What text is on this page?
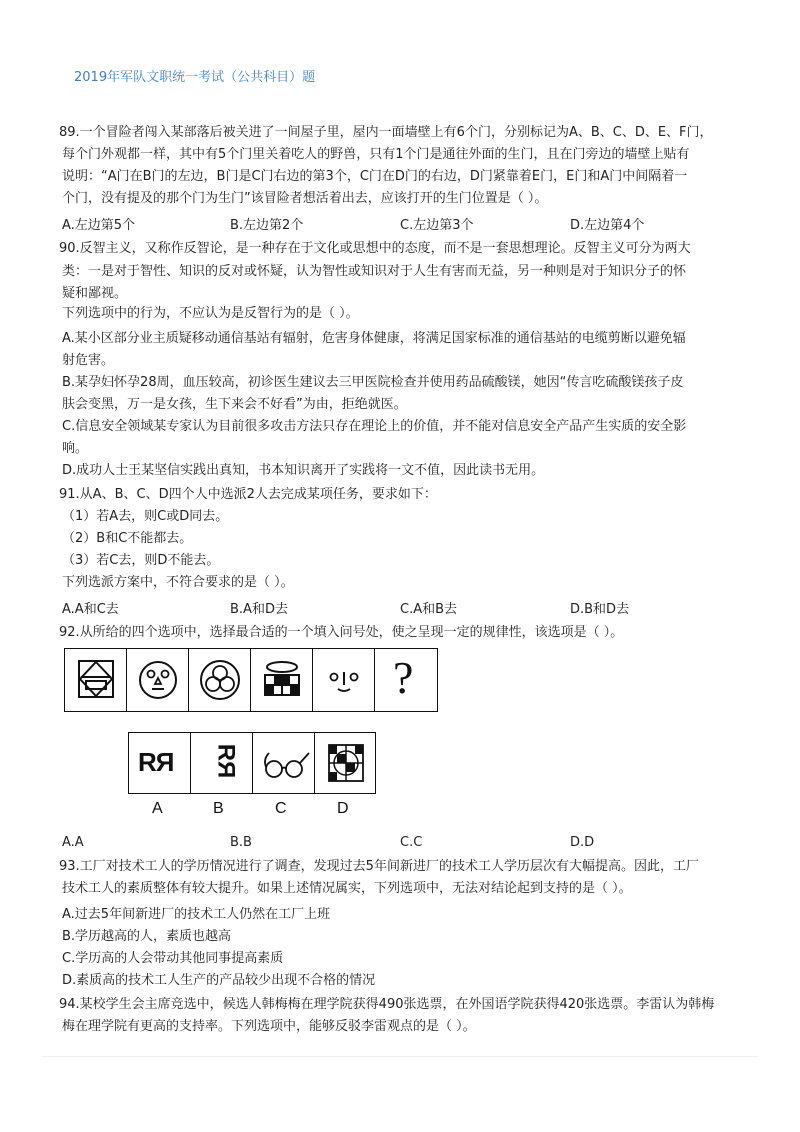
2019年军队文职统一考试（公共科目）题
89.一个冒险者闯入某部落后被关进了一间屋子里，屋内一面墙壁上有6个门，分别标记为A、B、C、D、E、F门，
每个门外观都一样，其中有5个门里关着吃人的野兽，只有1个门是通往外面的生门，且在门旁边的墙壁上贴有
说明：“A门在B门的左边，B门是C门右边的第3个，C门在D门的右边，D门紧靠着E门，E门和A门中间隔着一
个门，没有提及的那个门为生门”该冒险者想活着出去，应该打开的生门位置是（ ）。
A.左边第5个	B.左边第2个	C.左边第3个	D.左边第4个
90.反智主义，又称作反智论，是一种存在于文化或思想中的态度，而不是一套思想理论。反智主义可分为两大
类：一是对于智性、知识的反对或怀疑，认为智性或知识对于人生有害而无益，另一种则是对于知识分子的怀
疑和鄙视。
下列选项中的行为，不应认为是反智行为的是（ ）。
A.某小区部分业主质疑移动通信基站有辐射，危害身体健康，将满足国家标准的通信基站的电缆剪断以避免辐
射危害。
B.某孕妇怀孕28周，血压较高，初诊医生建议去三甲医院检查并使用药品硫酸镁，她因“传言吃硫酸镁孩子皮
肤会变黑，万一是女孩，生下来会不好看”为由，拒绝就医。
C.信息安全领域某专家认为目前很多攻击方法只存在理论上的价值，并不能对信息安全产品产生实质的安全影
响。
D.成功人士王某坚信实践出真知，书本知识离开了实践将一文不值，因此读书无用。
91.从A、B、C、D四个人中选派2人去完成某项任务，要求如下：
（1）若A去，则C或D同去。
（2）B和C不能都去。
（3）若C去，则D不能去。
下列选派方案中，不符合要求的是（ ）。
A.A和C去	B.A和D去	C.A和B去	D.B和D去
92.从所给的四个选项中，选择最合适的一个填入问号处，使之呈现一定的规律性，该选项是（ ）。
?
RЯ RЯ
A	B	C	D
A.A	B.B	C.C	D.D
93.工厂对技术工人的学历情况进行了调查，发现过去5年间新进厂的技术工人学历层次有大幅提高。因此，工厂
技术工人的素质整体有较大提升。如果上述情况属实，下列选项中，无法对结论起到支持的是（ ）。
A.过去5年间新进厂的技术工人仍然在工厂上班
B.学历越高的人，素质也越高
C.学历高的人会带动其他同事提高素质
D.素质高的技术工人生产的产品较少出现不合格的情况
94.某校学生会主席竞选中，候选人韩梅梅在理学院获得490张选票，在外国语学院获得420张选票。李雷认为韩梅
梅在理学院有更高的支持率。下列选项中，能够反驳李雷观点的是（ ）。
